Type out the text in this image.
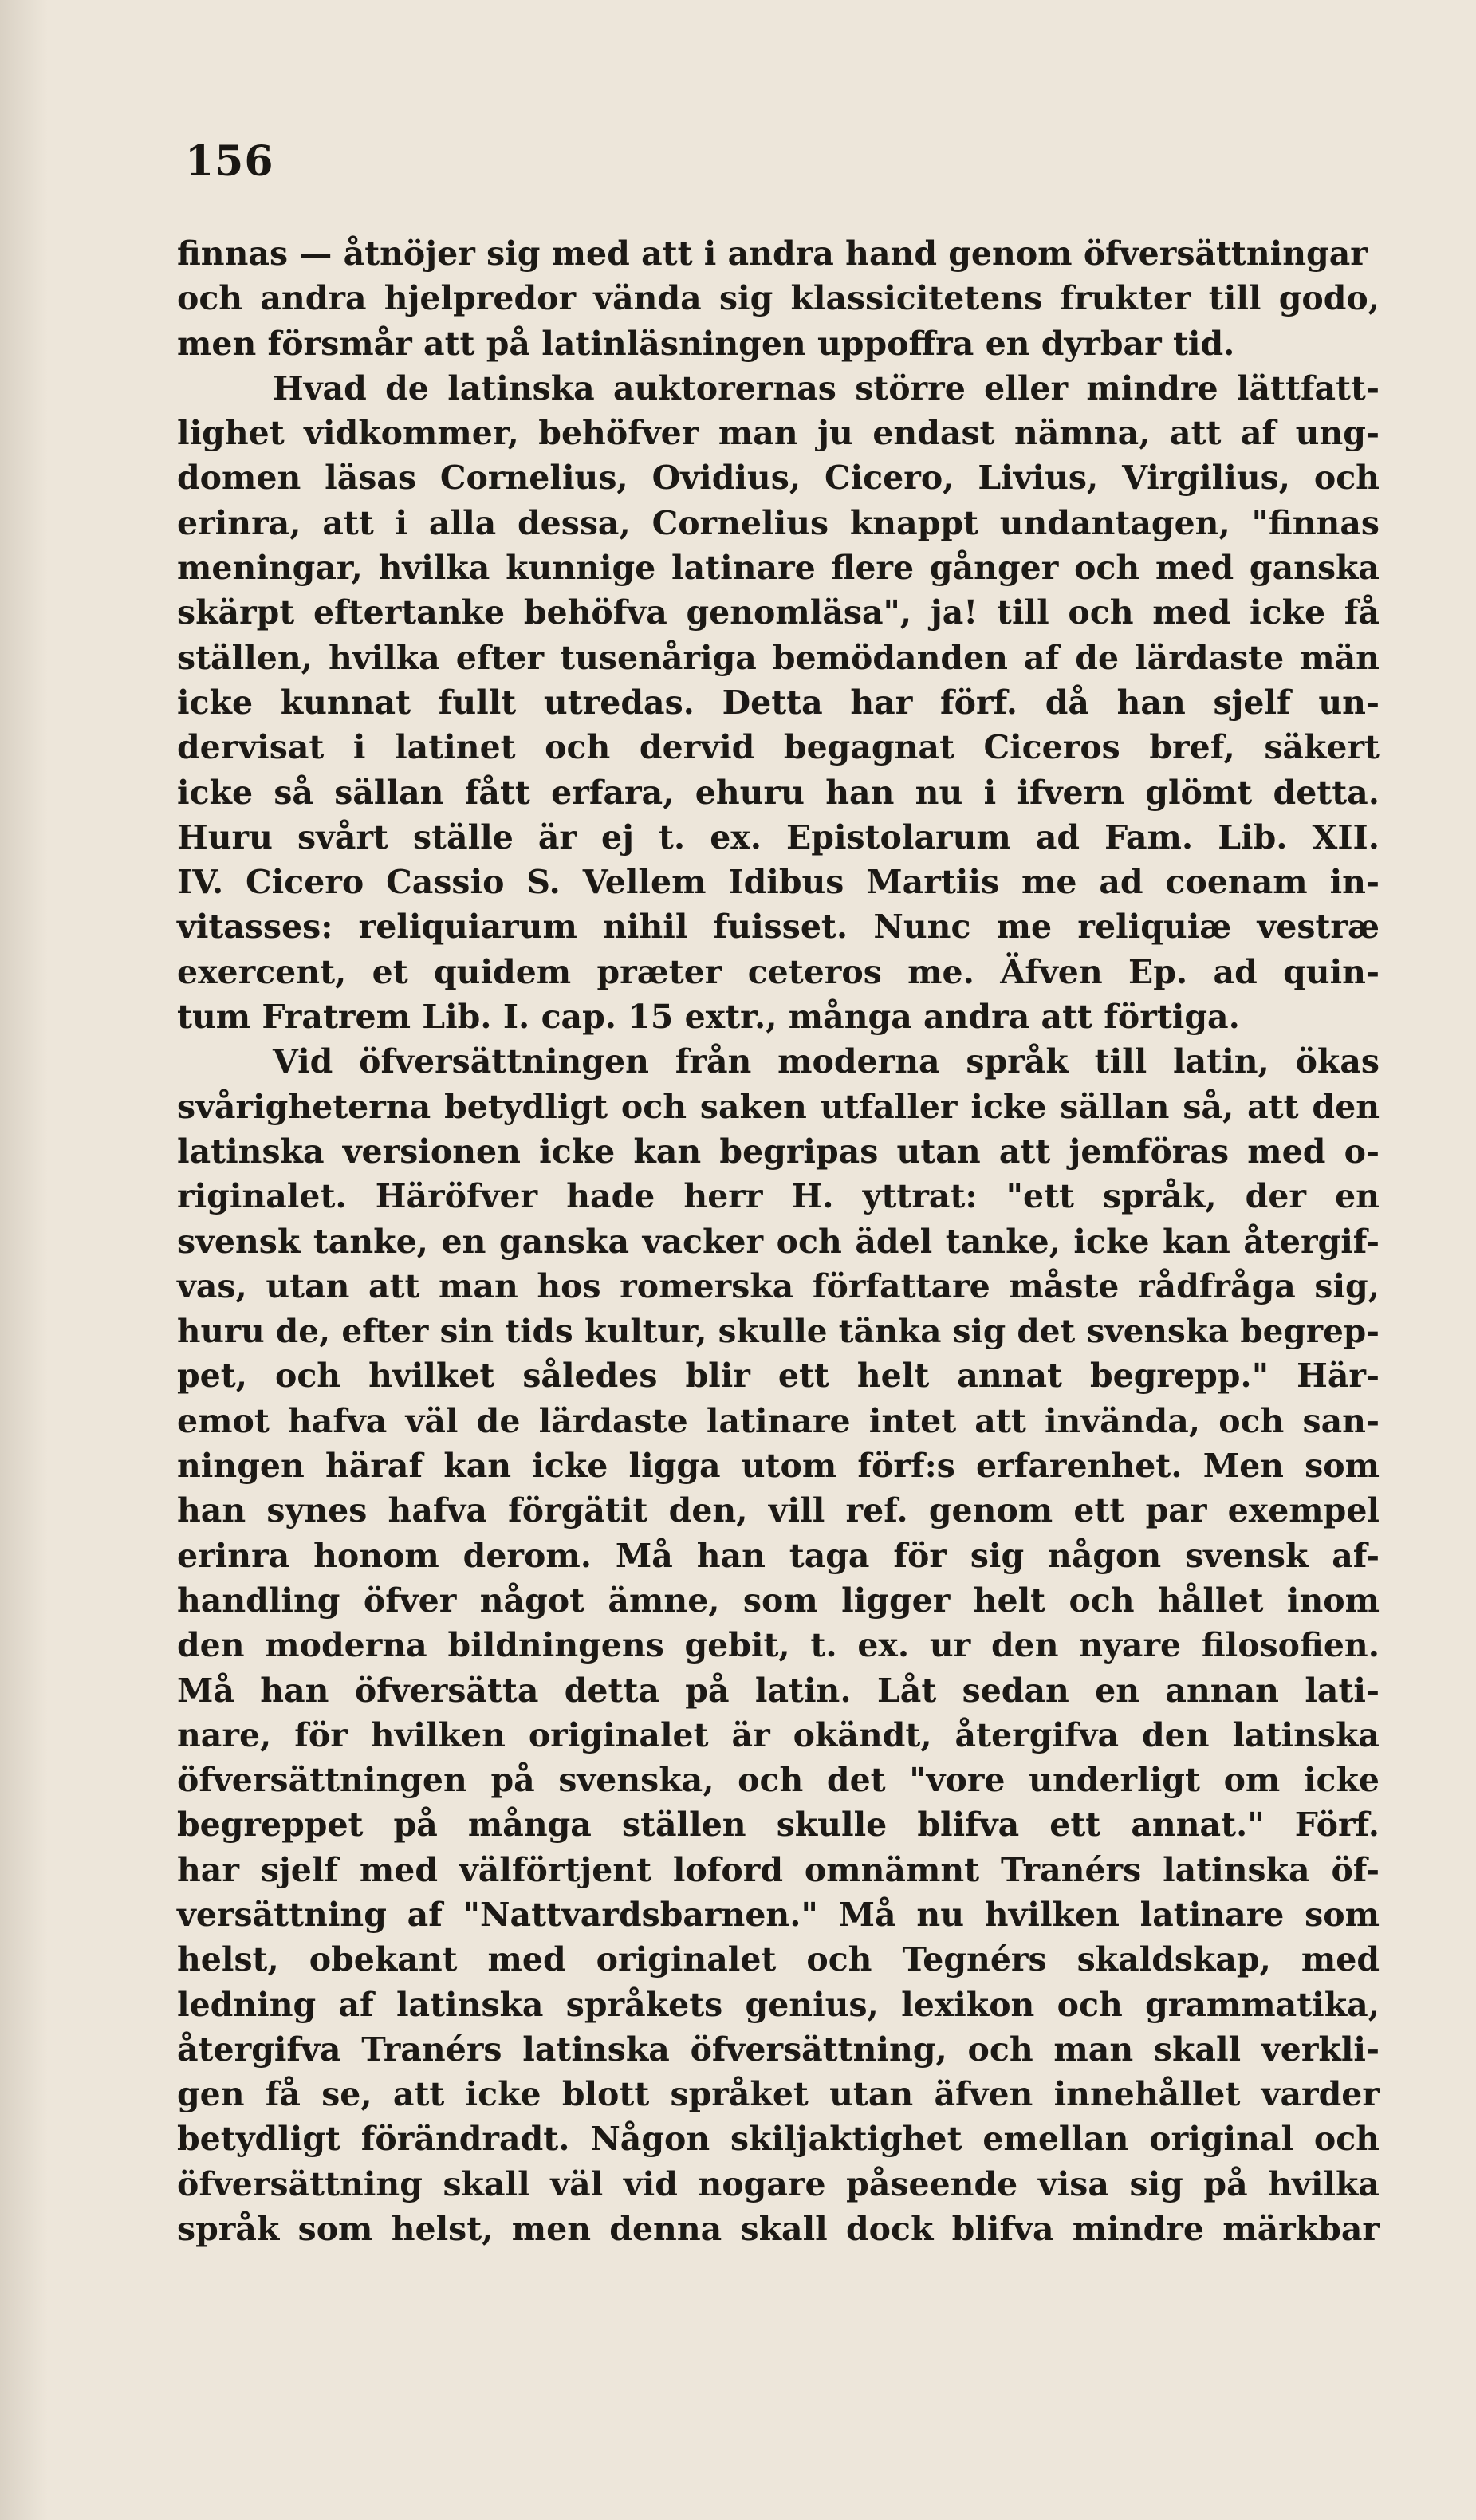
156
finnas — åtnöjer sig med att i andra hand genom öfversättningar
och andra hjelpredor vända sig klassicitetens frukter till godo,
men försmår att på latinläsningen uppoffra en dyrbar tid.
Hvad de latinska auktorernas större eller mindre lättfatt-
lighet vidkommer, behöfver man ju endast nämna, att af ung-
domen läsas Cornelius, Ovidius, Cicero, Livius, Virgilius, och
erinra, att i alla dessa, Cornelius knappt undantagen, "finnas
meningar, hvilka kunnige latinare flere gånger och med ganska
skärpt eftertanke behöfva genomläsa", ja! till och med icke få
ställen, hvilka efter tusenåriga bemödanden af de lärdaste män
icke kunnat fullt utredas. Detta har förf. då han sjelf un-
dervisat i latinet och dervid begagnat Ciceros bref, säkert
icke så sällan fått erfara, ehuru han nu i ifvern glömt detta.
Huru svårt ställe är ej t. ex. Epistolarum ad Fam. Lib. XII.
IV. Cicero Cassio S. Vellem Idibus Martiis me ad coenam in-
vitasses: reliquiarum nihil fuisset. Nunc me reliquiæ vestræ
exercent, et quidem præter ceteros me. Äfven Ep. ad quin-
tum Fratrem Lib. I. cap. 15 extr., många andra att förtiga.
Vid öfversättningen från moderna språk till latin, ökas
svårigheterna betydligt och saken utfaller icke sällan så, att den
latinska versionen icke kan begripas utan att jemföras med o-
riginalet. Häröfver hade herr H. yttrat: "ett språk, der en
svensk tanke, en ganska vacker och ädel tanke, icke kan återgif-
vas, utan att man hos romerska författare måste rådfråga sig,
huru de, efter sin tids kultur, skulle tänka sig det svenska begrep-
pet, och hvilket således blir ett helt annat begrepp." Här-
emot hafva väl de lärdaste latinare intet att invända, och san-
ningen häraf kan icke ligga utom förf:s erfarenhet. Men som
han synes hafva förgätit den, vill ref. genom ett par exempel
erinra honom derom. Må han taga för sig någon svensk af-
handling öfver något ämne, som ligger helt och hållet inom
den moderna bildningens gebit, t. ex. ur den nyare filosofien.
Må han öfversätta detta på latin. Låt sedan en annan lati-
nare, för hvilken originalet är okändt, återgifva den latinska
öfversättningen på svenska, och det "vore underligt om icke
begreppet på många ställen skulle blifva ett annat." Förf.
har sjelf med välförtjent loford omnämnt Tranérs latinska öf-
versättning af "Nattvardsbarnen." Må nu hvilken latinare som
helst, obekant med originalet och Tegnérs skaldskap, med
ledning af latinska språkets genius, lexikon och grammatika,
återgifva Tranérs latinska öfversättning, och man skall verkli-
gen få se, att icke blott språket utan äfven innehållet varder
betydligt förändradt. Någon skiljaktighet emellan original och
öfversättning skall väl vid nogare påseende visa sig på hvilka
språk som helst, men denna skall dock blifva mindre märkbar
